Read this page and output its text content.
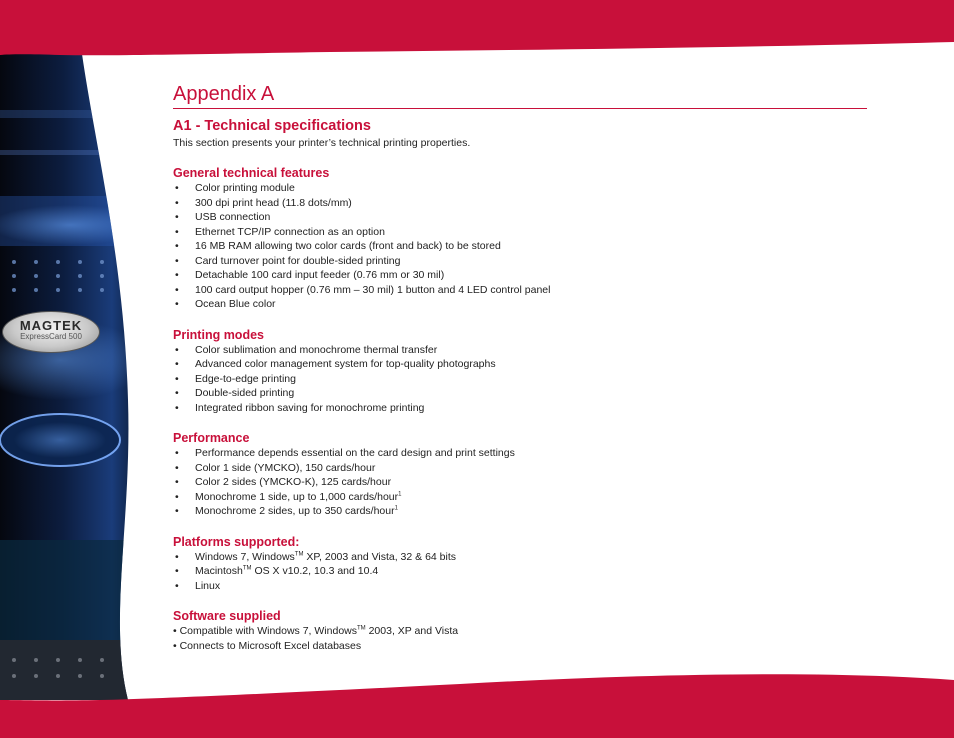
MAGTEK
ExpressCard 500
Appendix A
A1 - Technical specifications

This section presents your printer’s technical printing properties.

General technical features
• Color printing module
• 300 dpi print head (11.8 dots/mm)
• USB connection
• Ethernet TCP/IP connection as an option
• 16 MB RAM allowing two color cards (front and back) to be stored
• Card turnover point for double-sided printing
• Detachable 100 card input feeder (0.76 mm or 30 mil)
• 100 card output hopper (0.76 mm – 30 mil) 1 button and 4 LED control panel
• Ocean Blue color
Printing modes
• Color sublimation and monochrome thermal transfer
• Advanced color management system for top-quality photographs
• Edge-to-edge printing
• Double-sided printing
• Integrated ribbon saving for monochrome printing
Performance
• Performance depends essential on the card design and print settings
• Color 1 side (YMCKO), 150 cards/hour
• Color 2 sides (YMCKO-K), 125 cards/hour
• Monochrome 1 side, up to 1,000 cards/hour$^1$
• Monochrome 2 sides, up to 350 cards/hour$^1$
Platforms supported:
• Windows 7, Windows™ XP, 2003 and Vista, 32 & 64 bits
• Macintosh™ OS X v10.2, 10.3 and 10.4
• Linux
Software supplied
• Compatible with Windows 7, Windows™ 2003, XP and Vista
• Connects to Microsoft Excel databases
